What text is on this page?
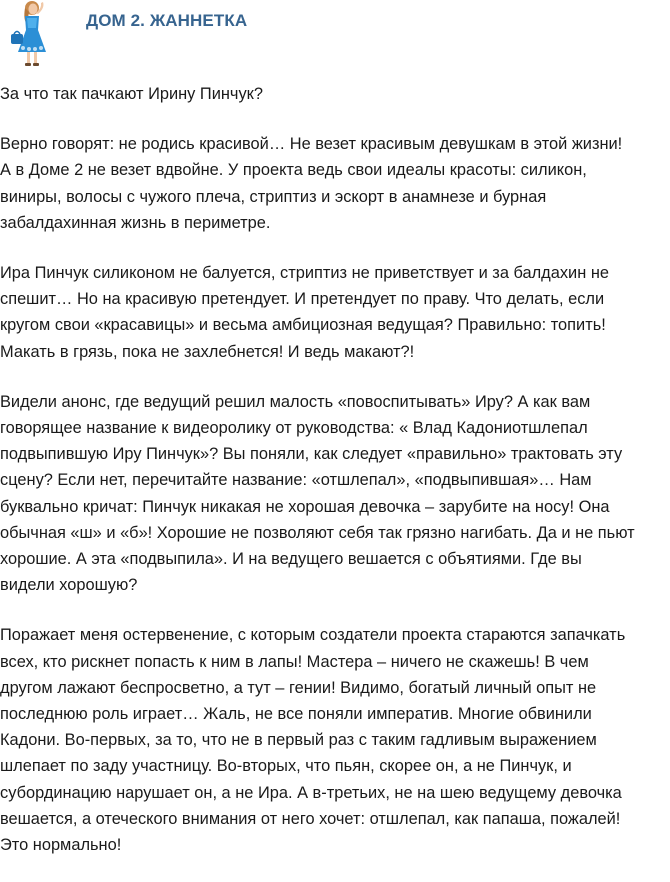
ДОМ 2. ЖАННЕТКА

За что так пачкают Ирину Пинчук?

Верно говорят: не родись красивой… Не везет красивым девушкам в этой жизни!
А в Доме 2 не везет вдвойне. У проекта ведь свои идеалы красоты: силикон,
виниры, волосы с чужого плеча, стриптиз и эскорт в анамнезе и бурная
забалдахинная жизнь в периметре.

Ира Пинчук силиконом не балуется, стриптиз не приветствует и за балдахин не
спешит… Но на красивую претендует. И претендует по праву. Что делать, если
кругом свои «красавицы» и весьма амбициозная ведущая? Правильно: топить!
Макать в грязь, пока не захлебнется! И ведь макают?!

Видели анонс, где ведущий решил малость «повоспитывать» Иру? А как вам
говорящее название к видеоролику от руководства: « Влад Кадониотшлепал
подвыпившую Иру Пинчук»? Вы поняли, как следует «правильно» трактовать эту
сцену? Если нет, перечитайте название: «отшлепал», «подвыпившая»… Нам
буквально кричат: Пинчук никакая не хорошая девочка – зарубите на носу! Она
обычная «ш» и «б»! Хорошие не позволяют себя так грязно нагибать. Да и не пьют
хорошие. А эта «подвыпила». И на ведущего вешается с объятиями. Где вы
видели хорошую?

Поражает меня остервенение, с которым создатели проекта стараются запачкать
всех, кто рискнет попасть к ним в лапы! Мастера – ничего не скажешь! В чем
другом лажают беспросветно, а тут – гении! Видимо, богатый личный опыт не
последнюю роль играет… Жаль, не все поняли императив. Многие обвинили
Кадони. Во-первых, за то, что не в первый раз с таким гадливым выражением
шлепает по заду участницу. Во-вторых, что пьян, скорее он, а не Пинчук, и
субординацию нарушает он, а не Ира. А в-третьих, не на шею ведущему девочка
вешается, а отеческого внимания от него хочет: отшлепал, как папаша, пожалей!
Это нормально!
